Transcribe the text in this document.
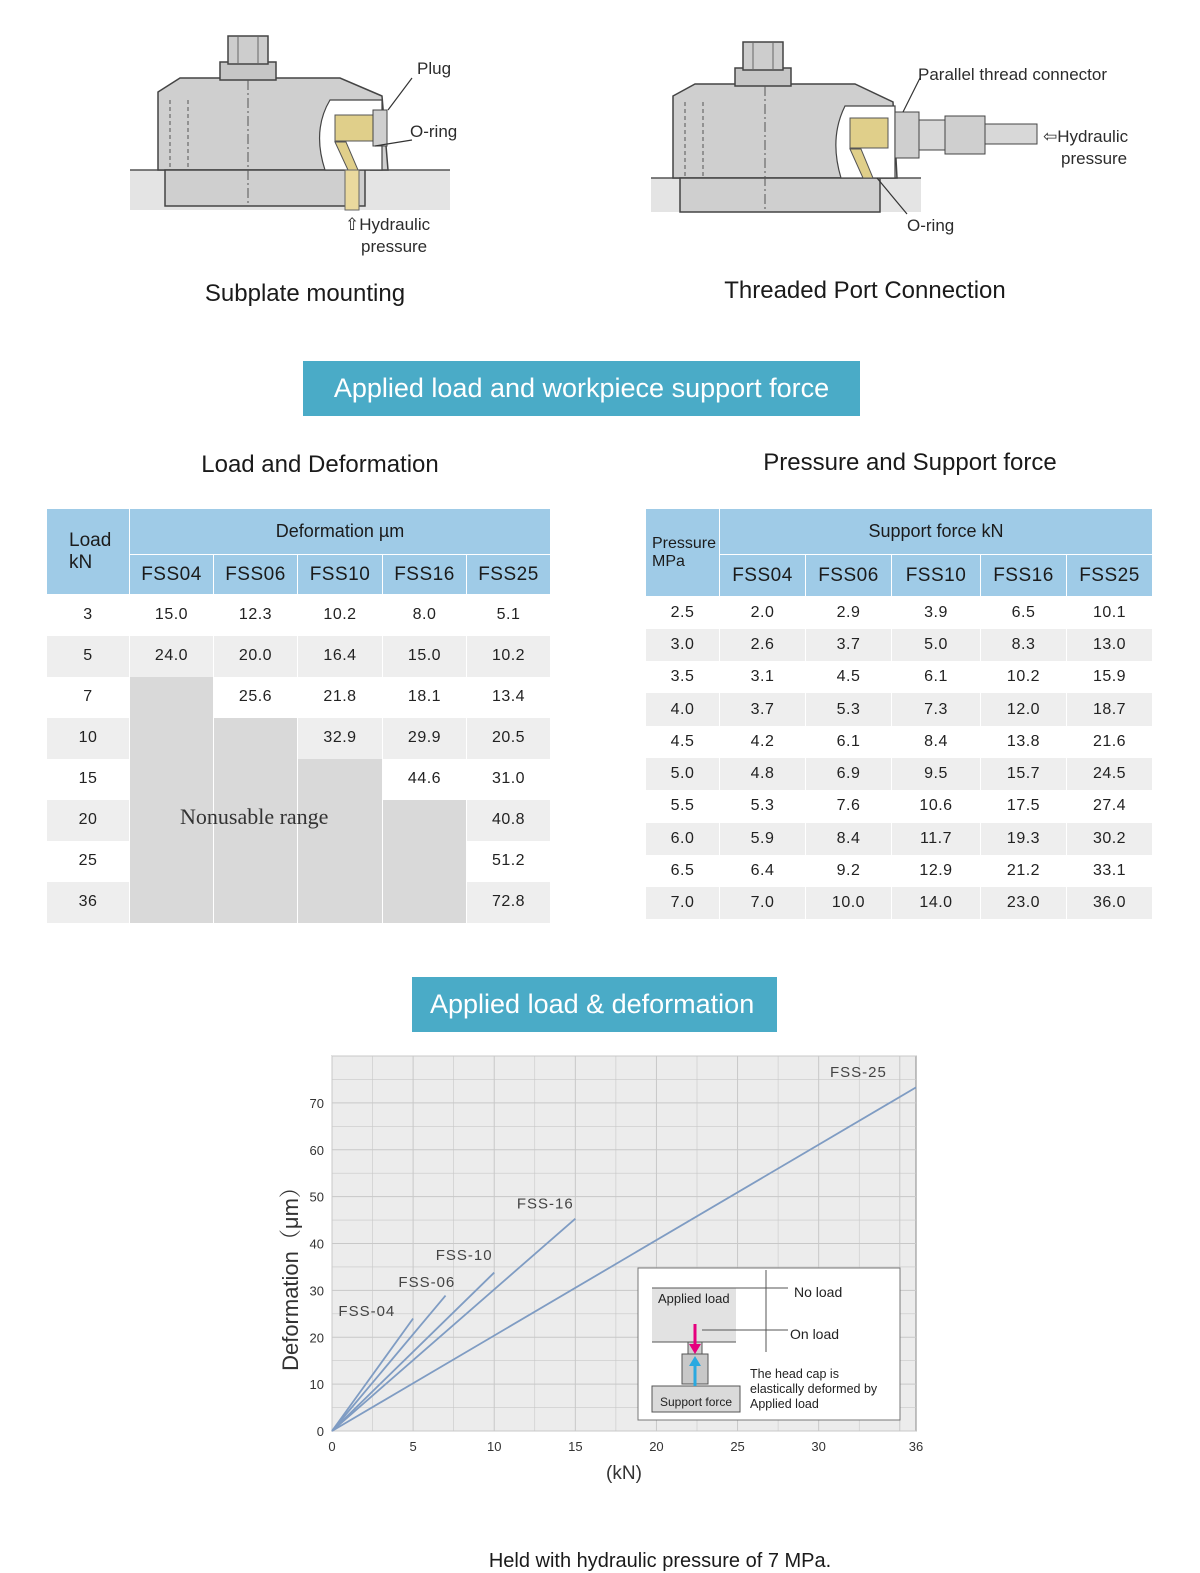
Plug
O-ring
⇧Hydraulic
pressure
Subplate mounting
Parallel thread connector
⇦Hydraulic
pressure
O-ring
Threaded Port Connection
Applied load and workpiece support force
Load and Deformation	Pressure and Support force
Load
kN	Deformation µm				
	FSS04	FSS06	FSS10	FSS16	FSS25
3	15.0	12.3	10.2	8.0	5.1
5	24.0	20.0	16.4	15.0	10.2
7		25.6	21.8	18.1	13.4
10			32.9	29.9	20.5
15				44.6	31.0
20					40.8
25					51.2
36					72.8
Nonusable range
Pressure
MPa	Support force kN				
	FSS04	FSS06	FSS10	FSS16	FSS25
2.5	2.0	2.9	3.9	6.5	10.1
3.0	2.6	3.7	5.0	8.3	13.0
3.5	3.1	4.5	6.1	10.2	15.9
4.0	3.7	5.3	7.3	12.0	18.7
4.5	4.2	6.1	8.4	13.8	21.6
5.0	4.8	6.9	9.5	15.7	24.5
5.5	5.3	7.6	10.6	17.5	27.4
6.0	5.9	8.4	11.7	19.3	30.2
6.5	6.4	9.2	12.9	21.2	33.1
7.0	7.0	10.0	14.0	23.0	36.0
Applied load & deformation
0	5	10	15	20	25	30	36
0
10
20
30
40
50
60
70
(kN)
Deformation（μm） FSS-04
FSS-06
FSS-10
FSS-16
FSS-25
Applied load
Support force
No load
On load
The head cap is
elastically deformed by
Applied load
Held with hydraulic pressure of 7 MPa.
